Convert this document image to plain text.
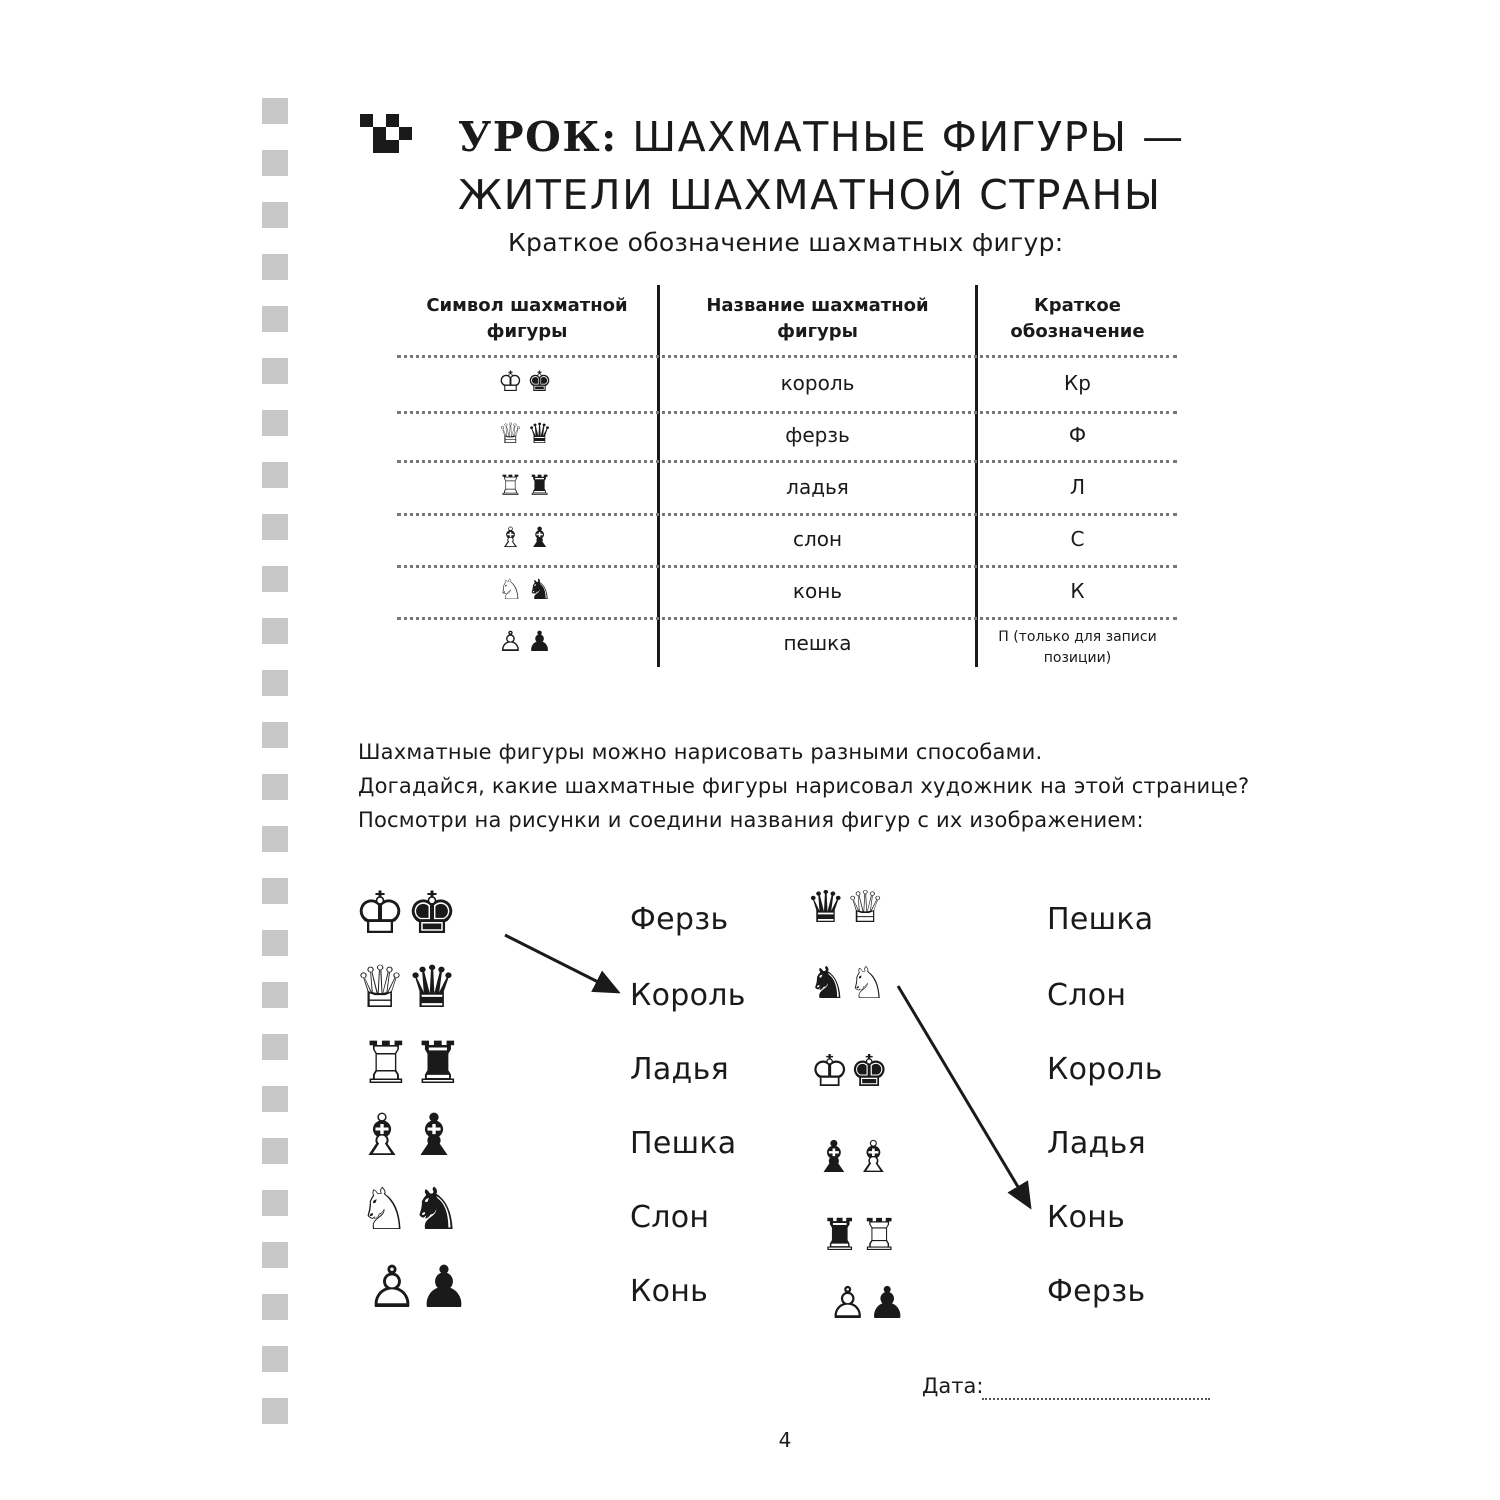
УРОК: ШАХМАТНЫЕ ФИГУРЫ —
ЖИТЕЛИ ШАХМАТНОЙ СТРАНЫ
Краткое обозначение шахматных фигур:
Символ шахматной
фигуры
Название шахматной
фигуры
Краткое
обозначение
♔♚	король	Кр
♕♛	ферзь	Ф
♖♜	ладья	Л
♗♝	слон	С
♘♞	конь	К
♙♟	пешка	П (только для записи
позиции)
Шахматные фигуры можно нарисовать разными способами.
Догадайся, какие шахматные фигуры нарисовал художник на этой странице?
Посмотри на рисунки и соедини названия фигур с их изображением:
♔♚
♕♛
♖♜
♗♝
♘♞
♙♟
Ферзь
Король
Ладья
Пешка
Слон
Конь
♛♕
♞♘
♔♚
♝♗
♜♖
♙♟
Пешка
Слон
Король
Ладья
Конь
Ферзь
Дата:
4
